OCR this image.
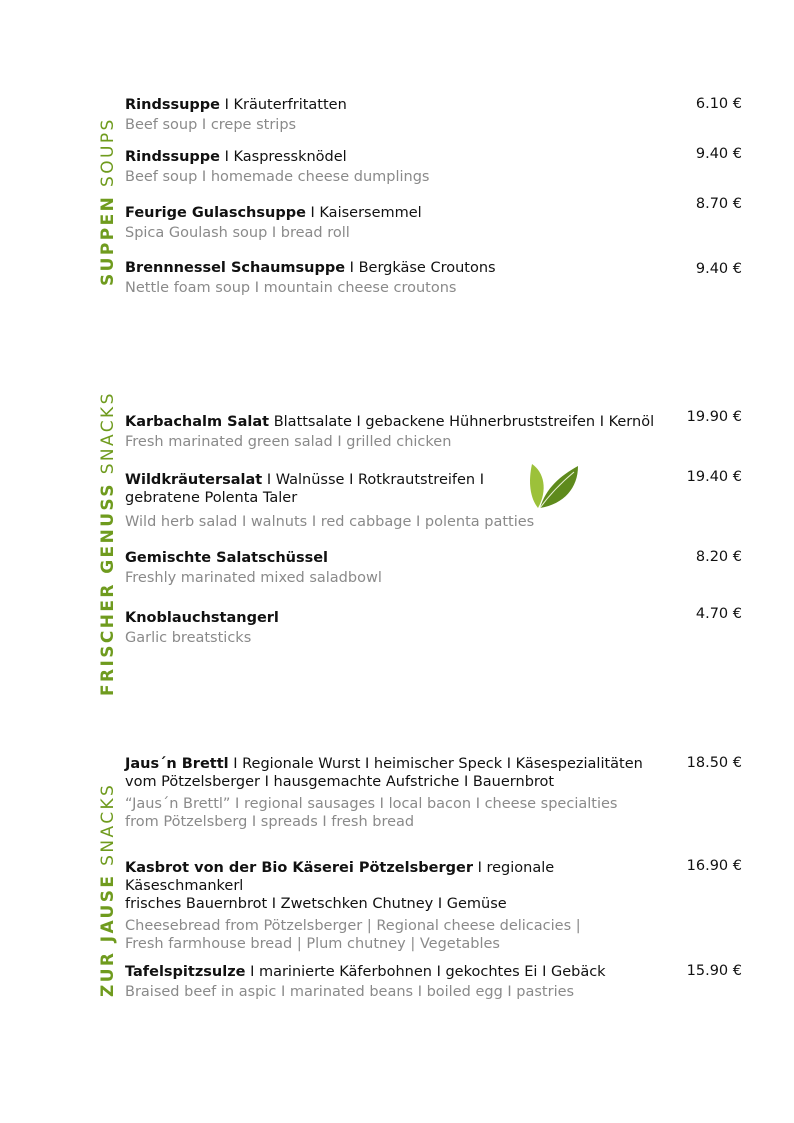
SUPPEN SOUPS
FRISCHER GENUSS SNACKS
ZUR JAUSE SNACKS
Rindssuppe I Kräuterfritatten
Beef soup I crepe strips
6.10 €
Rindssuppe I Kaspressknödel
Beef soup I homemade cheese dumplings
9.40 €
Feurige Gulaschsuppe I Kaisersemmel
Spica Goulash soup I bread roll
8.70 €
Brennnessel Schaumsuppe I Bergkäse Croutons
Nettle foam soup I mountain cheese croutons
9.40 €
Karbachalm Salat Blattsalate I gebackene Hühnerbruststreifen I Kernöl
Fresh marinated green salad I grilled chicken
19.90 €
Wildkräutersalat I Walnüsse I Rotkrautstreifen I
gebratene Polenta Taler
Wild herb salad I walnuts I red cabbage I polenta patties
19.40 €
Gemischte Salatschüssel
Freshly marinated mixed saladbowl
8.20 €
Knoblauchstangerl
Garlic breatsticks
4.70 €
Jaus´n Brettl I Regionale Wurst I heimischer Speck I Käsespezialitäten
vom Pötzelsberger I hausgemachte Aufstriche I Bauernbrot
“Jaus´n Brettl” I regional sausages I local bacon I cheese specialties
from Pötzelsberg I spreads I fresh bread
18.50 €
Kasbrot von der Bio Käserei Pötzelsberger I regionale Käseschmankerl
frisches Bauernbrot I Zwetschken Chutney I Gemüse
Cheesebread from Pötzelsberger | Regional cheese delicacies |
Fresh farmhouse bread | Plum chutney | Vegetables
16.90 €
Tafelspitzsulze I marinierte Käferbohnen I gekochtes Ei I Gebäck
Braised beef in aspic I marinated beans I boiled egg I pastries
15.90 €
